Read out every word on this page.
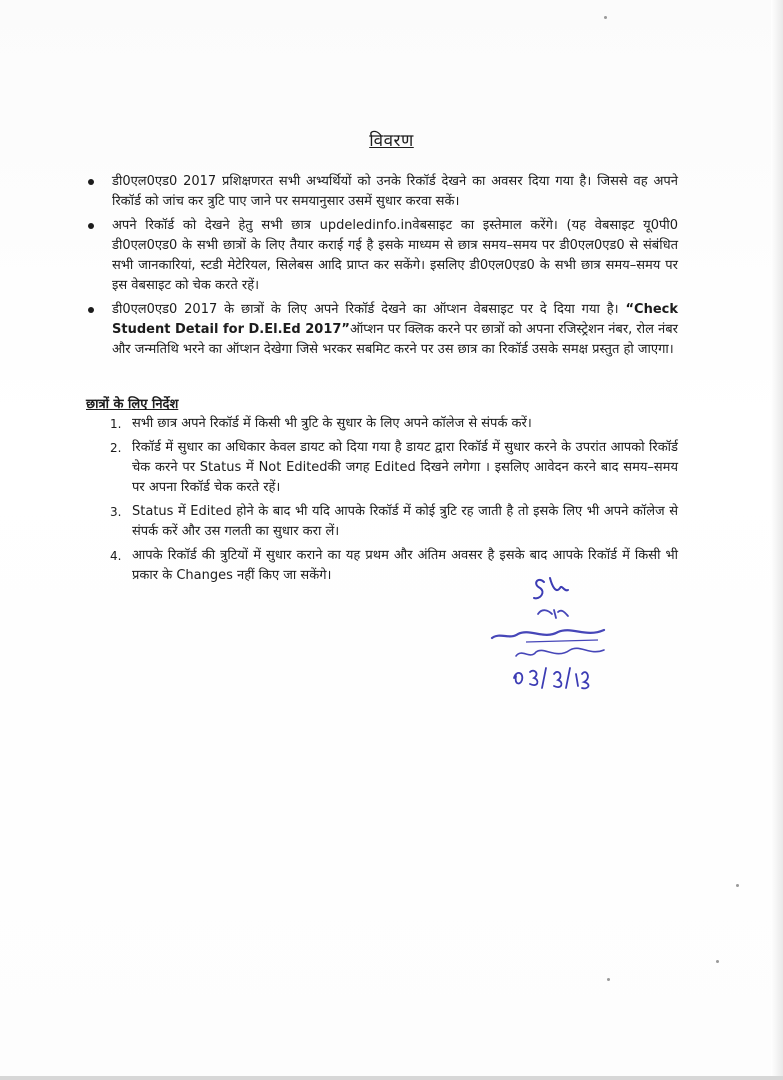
विवरण
डी0एल0एड0 2017 प्रशिक्षणरत सभी अभ्यर्थियों को उनके रिकॉर्ड देखने का अवसर दिया गया है। जिससे वह अपने रिकॉर्ड को जांच कर त्रुटि पाए जाने पर समयानुसार उसमें सुधार करवा सकें।
अपने रिकॉर्ड को देखने हेतु सभी छात्र updeledinfo.inवेबसाइट का इस्तेमाल करेंगे। (यह वेबसाइट यू0पी0 डी0एल0एड0 के सभी छात्रों के लिए तैयार कराई गई है इसके माध्यम से छात्र समय–समय पर डी0एल0एड0 से संबंधित सभी जानकारियां, स्टडी मेटेरियल, सिलेबस आदि प्राप्त कर सकेंगे। इसलिए डी0एल0एड0 के सभी छात्र समय–समय पर इस वेबसाइट को चेक करते रहें।
डी0एल0एड0 2017 के छात्रों के लिए अपने रिकॉर्ड देखने का ऑप्शन वेबसाइट पर दे दिया गया है। “Check Student Detail for D.El.Ed 2017”ऑप्शन पर क्लिक करने पर छात्रों को अपना रजिस्ट्रेशन नंबर, रोल नंबर और जन्मतिथि भरने का ऑप्शन देखेगा जिसे भरकर सबमिट करने पर उस छात्र का रिकॉर्ड उसके समक्ष प्रस्तुत हो जाएगा।
छात्रों के लिए निर्देश
1. सभी छात्र अपने रिकॉर्ड में किसी भी त्रुटि के सुधार के लिए अपने कॉलेज से संपर्क करें।
2. रिकॉर्ड में सुधार का अधिकार केवल डायट को दिया गया है डायट द्वारा रिकॉर्ड में सुधार करने के उपरांत आपको रिकॉर्ड चेक करने पर Status में Not Editedकी जगह Edited दिखने लगेगा । इसलिए आवेदन करने बाद समय–समय पर अपना रिकॉर्ड चेक करते रहें।
3. Status में Edited होने के बाद भी यदि आपके रिकॉर्ड में कोई त्रुटि रह जाती है तो इसके लिए भी अपने कॉलेज से संपर्क करें और उस गलती का सुधार करा लें।
4. आपके रिकॉर्ड की त्रुटियों में सुधार कराने का यह प्रथम और अंतिम अवसर है इसके बाद आपके रिकॉर्ड में किसी भी प्रकार के Changes नहीं किए जा सकेंगे।
